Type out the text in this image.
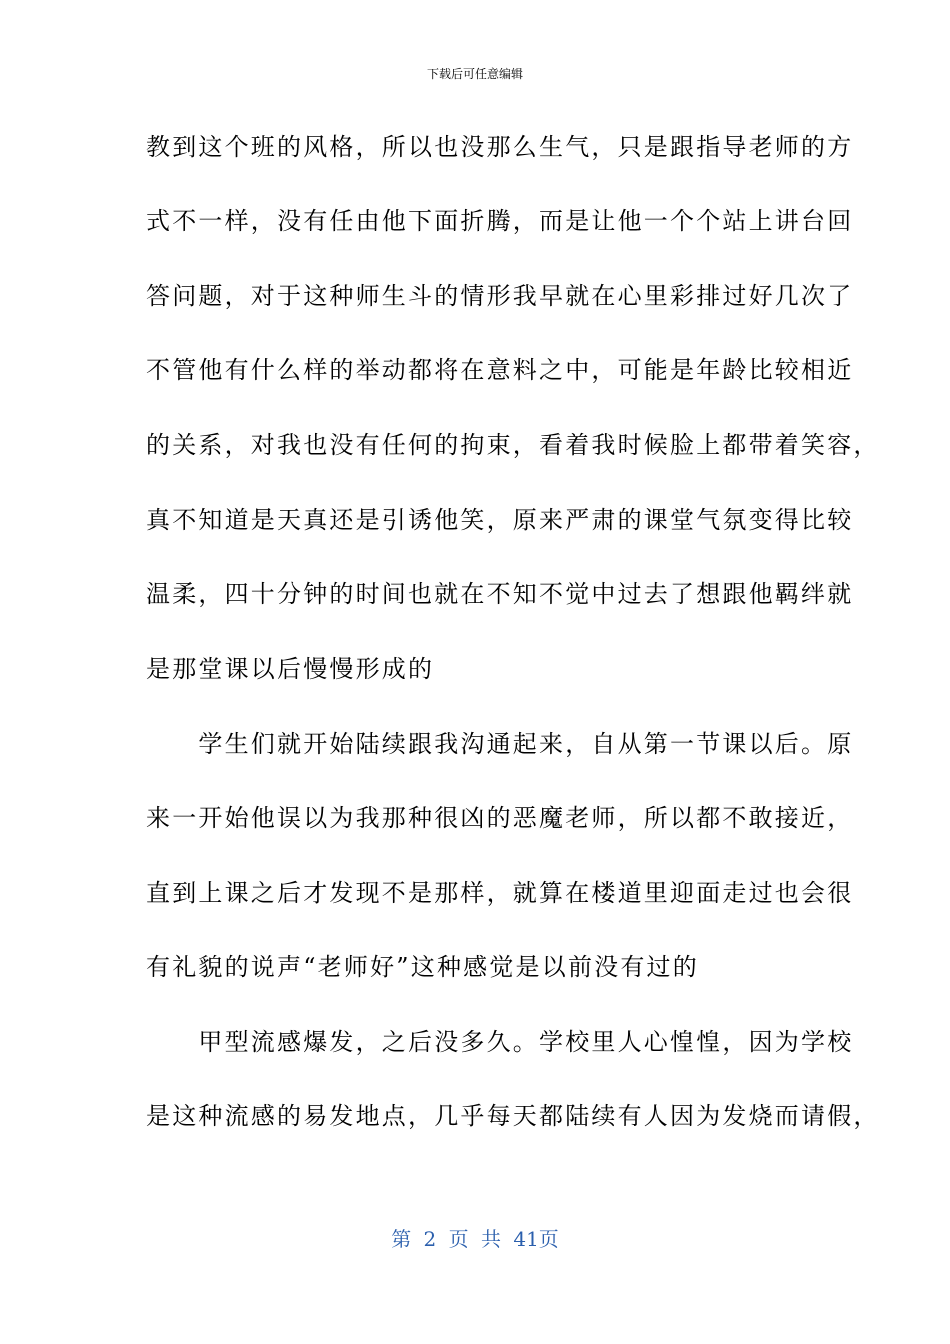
下载后可任意编辑
教到这个班的风格，所以也没那么生气，只是跟指导老师的方
式不一样，没有任由他下面折腾，而是让他一个个站上讲台回
答问题，对于这种师生斗的情形我早就在心里彩排过好几次了
不管他有什么样的举动都将在意料之中，可能是年龄比较相近
的关系，对我也没有任何的拘束，看着我时候脸上都带着笑容，
真不知道是天真还是引诱他笑，原来严肃的课堂气氛变得比较
温柔，四十分钟的时间也就在不知不觉中过去了想跟他羁绊就
是那堂课以后慢慢形成的
　　学生们就开始陆续跟我沟通起来，自从第一节课以后。原
来一开始他误以为我那种很凶的恶魔老师，所以都不敢接近，
直到上课之后才发现不是那样，就算在楼道里迎面走过也会很
有礼貌的说声“老师好”这种感觉是以前没有过的
　　甲型流感爆发，之后没多久。学校里人心惶惶，因为学校
是这种流感的易发地点，几乎每天都陆续有人因为发烧而请假，
第 2 页 共 41页
